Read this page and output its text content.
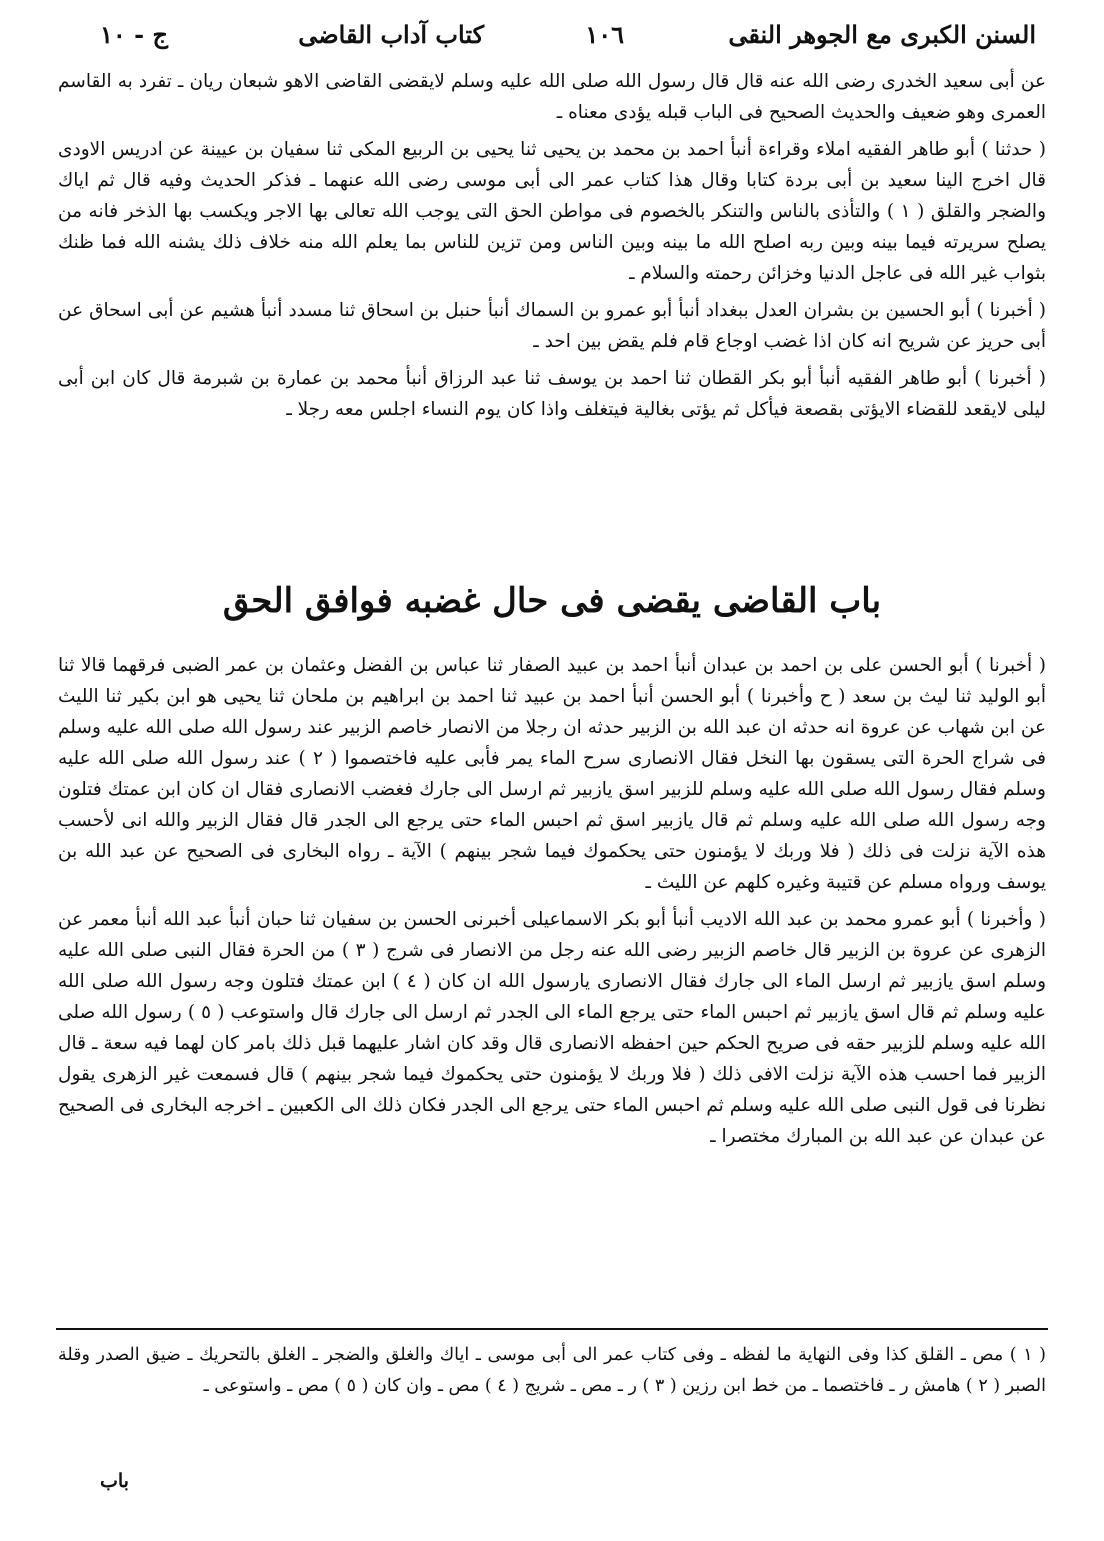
السنن الكبرى مع الجوهر النقى
١٠٦
كتاب آداب القاضى
ج - ١٠

عن أبى سعيد الخدرى رضى الله عنه قال قال رسول الله صلى الله عليه وسلم لايقضى القاضى الاهو شبعان ريان ـ تفرد به القاسم العمرى وهو ضعيف والحديث الصحيح فى الباب قبله يؤدى معناه ـ

( حدثنا ) أبو طاهر الفقيه املاء وقراءة أنبأ احمد بن محمد بن يحيى ثنا يحيى بن الربيع المكى ثنا سفيان بن عيينة عن ادريس الاودى قال اخرج الينا سعيد بن أبى بردة كتابا وقال هذا كتاب عمر الى أبى موسى رضى الله عنهما ـ فذكر الحديث وفيه قال ثم اياك والضجر والقلق ( ١ ) والتأذى بالناس والتنكر بالخصوم فى مواطن الحق التى يوجب الله تعالى بها الاجر ويكسب بها الذخر فانه من يصلح سريرته فيما بينه وبين ربه اصلح الله ما بينه وبين الناس ومن تزين للناس بما يعلم الله منه خلاف ذلك يشنه الله فما ظنك بثواب غير الله فى عاجل الدنيا وخزائن رحمته والسلام ـ

( أخبرنا ) أبو الحسين بن بشران العدل ببغداد أنبأ أبو عمرو بن السماك أنبأ حنبل بن اسحاق ثنا مسدد أنبأ هشيم عن أبى اسحاق عن أبى حريز عن شريح انه كان اذا غضب اوجاع قام فلم يقض بين احد ـ

( أخبرنا ) أبو طاهر الفقيه أنبأ أبو بكر القطان ثنا احمد بن يوسف ثنا عبد الرزاق أنبأ محمد بن عمارة بن شبرمة قال كان ابن أبى ليلى لايقعد للقضاء الايؤتى بقصعة فيأكل ثم يؤتى بغالية فيتغلف واذا كان يوم النساء اجلس معه رجلا ـ

باب القاضى يقضى فى حال غضبه فوافق الحق

( أخبرنا ) أبو الحسن على بن احمد بن عبدان أنبأ احمد بن عبيد الصفار ثنا عباس بن الفضل وعثمان بن عمر الضبى فرقهما قالا ثنا أبو الوليد ثنا ليث بن سعد ( ح وأخبرنا ) أبو الحسن أنبأ احمد بن عبيد ثنا احمد بن ابراهيم بن ملحان ثنا يحيى هو ابن بكير ثنا الليث عن ابن شهاب عن عروة انه حدثه ان عبد الله بن الزبير حدثه ان رجلا من الانصار خاصم الزبير عند رسول الله صلى الله عليه وسلم فى شراج الحرة التى يسقون بها النخل فقال الانصارى سرح الماء يمر فأبى عليه فاختصموا ( ٢ ) عند رسول الله صلى الله عليه وسلم فقال رسول الله صلى الله عليه وسلم للزبير اسق يازبير ثم ارسل الى جارك فغضب الانصارى فقال ان كان ابن عمتك فتلون وجه رسول الله صلى الله عليه وسلم ثم قال يازبير اسق ثم احبس الماء حتى يرجع الى الجدر قال فقال الزبير والله انى لأحسب هذه الآية نزلت فى ذلك ( فلا وربك لا يؤمنون حتى يحكموك فيما شجر بينهم ) الآية ـ رواه البخارى فى الصحيح عن عبد الله بن يوسف ورواه مسلم عن قتيبة وغيره كلهم عن الليث ـ

( وأخبرنا ) أبو عمرو محمد بن عبد الله الاديب أنبأ أبو بكر الاسماعيلى أخبرنى الحسن بن سفيان ثنا حبان أنبأ عبد الله أنبأ معمر عن الزهرى عن عروة بن الزبير قال خاصم الزبير رضى الله عنه رجل من الانصار فى شرج ( ٣ ) من الحرة فقال النبى صلى الله عليه وسلم اسق يازبير ثم ارسل الماء الى جارك فقال الانصارى يارسول الله ان كان ( ٤ ) ابن عمتك فتلون وجه رسول الله صلى الله عليه وسلم ثم قال اسق يازبير ثم احبس الماء حتى يرجع الماء الى الجدر ثم ارسل الى جارك قال واستوعب ( ٥ ) رسول الله صلى الله عليه وسلم للزبير حقه فى صريح الحكم حين احفظه الانصارى قال وقد كان اشار عليهما قبل ذلك بامر كان لهما فيه سعة ـ قال الزبير فما احسب هذه الآية نزلت الافى ذلك ( فلا وربك لا يؤمنون حتى يحكموك فيما شجر بينهم ) قال فسمعت غير الزهرى يقول نظرنا فى قول النبى صلى الله عليه وسلم ثم احبس الماء حتى يرجع الى الجدر فكان ذلك الى الكعبين ـ اخرجه البخارى فى الصحيح عن عبدان عن عبد الله بن المبارك مختصرا ـ

( ١ ) مص ـ القلق كذا وفى النهاية ما لفظه ـ وفى كتاب عمر الى أبى موسى ـ اياك والغلق والضجر ـ الغلق بالتحريك ـ ضيق الصدر وقلة الصبر ( ٢ ) هامش ر ـ فاختصما ـ من خط ابن رزين ( ٣ ) ر ـ مص ـ شريج ( ٤ ) مص ـ وان كان ( ٥ ) مص ـ واستوعى ـ

باب
